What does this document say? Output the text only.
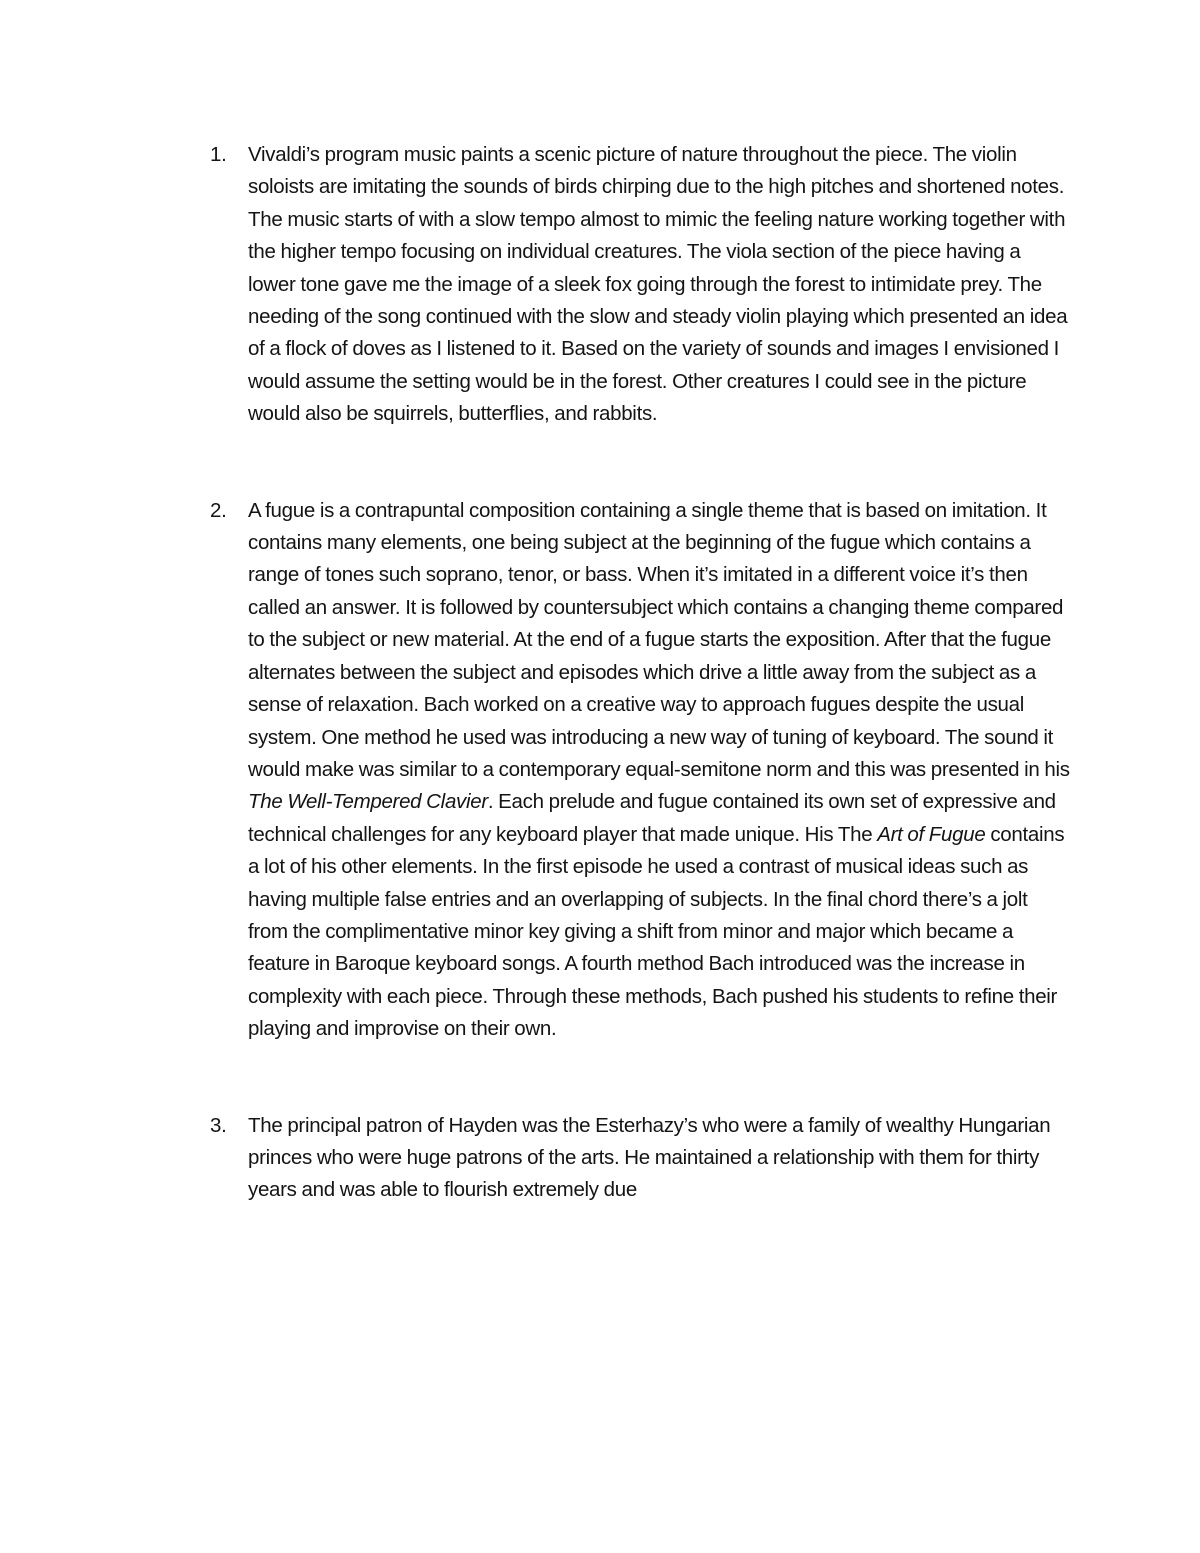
1. Vivaldi’s program music paints a scenic picture of nature throughout the piece. The violin soloists are imitating the sounds of birds chirping due to the high pitches and shortened notes. The music starts of with a slow tempo almost to mimic the feeling nature working together with the higher tempo focusing on individual creatures. The viola section of the piece having a lower tone gave me the image of a sleek fox going through the forest to intimidate prey. The needing of the song continued with the slow and steady violin playing which presented an idea of a flock of doves as I listened to it. Based on the variety of sounds and images I envisioned I would assume the setting would be in the forest. Other creatures I could see in the picture would also be squirrels, butterflies, and rabbits.
2. A fugue is a contrapuntal composition containing a single theme that is based on imitation. It contains many elements, one being subject at the beginning of the fugue which contains a range of tones such soprano, tenor, or bass. When it’s imitated in a different voice it’s then called an answer. It is followed by countersubject which contains a changing theme compared to the subject or new material. At the end of a fugue starts the exposition. After that the fugue alternates between the subject and episodes which drive a little away from the subject as a sense of relaxation. Bach worked on a creative way to approach fugues despite the usual system. One method he used was introducing a new way of tuning of keyboard. The sound it would make was similar to a contemporary equal-semitone norm and this was presented in his The Well-Tempered Clavier. Each prelude and fugue contained its own set of expressive and technical challenges for any keyboard player that made unique. His The Art of Fugue contains a lot of his other elements. In the first episode he used a contrast of musical ideas such as having multiple false entries and an overlapping of subjects. In the final chord there’s a jolt from the complimentative minor key giving a shift from minor and major which became a feature in Baroque keyboard songs. A fourth method Bach introduced was the increase in complexity with each piece. Through these methods, Bach pushed his students to refine their playing and improvise on their own.
3. The principal patron of Hayden was the Esterhazy’s who were a family of wealthy Hungarian princes who were huge patrons of the arts. He maintained a relationship with them for thirty years and was able to flourish extremely due
